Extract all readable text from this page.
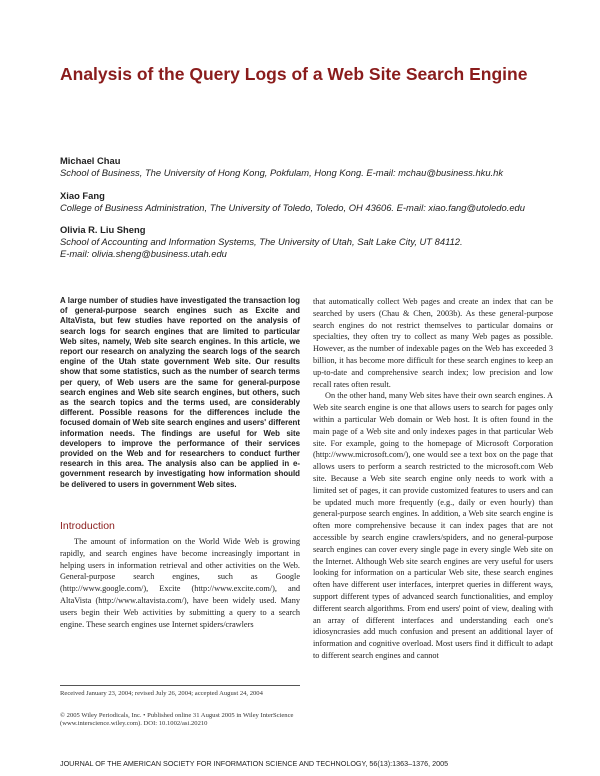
Analysis of the Query Logs of a Web Site Search Engine
Michael Chau
School of Business, The University of Hong Kong, Pokfulam, Hong Kong. E-mail: mchau@business.hku.hk
Xiao Fang
College of Business Administration, The University of Toledo, Toledo, OH 43606. E-mail: xiao.fang@utoledo.edu
Olivia R. Liu Sheng
School of Accounting and Information Systems, The University of Utah, Salt Lake City, UT 84112.
E-mail: olivia.sheng@business.utah.edu
A large number of studies have investigated the transaction log of general-purpose search engines such as Excite and AltaVista, but few studies have reported on the analysis of search logs for search engines that are limited to particular Web sites, namely, Web site search engines. In this article, we report our research on analyzing the search logs of the search engine of the Utah state government Web site. Our results show that some statistics, such as the number of search terms per query, of Web users are the same for general-purpose search engines and Web site search engines, but others, such as the search topics and the terms used, are considerably different. Possible reasons for the differences include the focused domain of Web site search engines and users' different information needs. The findings are useful for Web site developers to improve the performance of their services provided on the Web and for researchers to conduct further research in this area. The analysis also can be applied in e-government research by investigating how information should be delivered to users in government Web sites.
Introduction
The amount of information on the World Wide Web is growing rapidly, and search engines have become increasingly important in helping users in information retrieval and other activities on the Web. General-purpose search engines, such as Google (http://www.google.com/), Excite (http://www.excite.com/), and AltaVista (http://www.altavista.com/), have been widely used. Many users begin their Web activities by submitting a query to a search engine. These search engines use Internet spiders/crawlers
Received January 23, 2004; revised July 26, 2004; accepted August 24, 2004
© 2005 Wiley Periodicals, Inc. • Published online 31 August 2005 in Wiley InterScience (www.interscience.wiley.com). DOI: 10.1002/asi.20210

that automatically collect Web pages and create an index that can be searched by users (Chau & Chen, 2003b). As these general-purpose search engines do not restrict themselves to particular domains or specialties, they often try to collect as many Web pages as possible. However, as the number of indexable pages on the Web has exceeded 3 billion, it has become more difficult for these search engines to keep an up-to-date and comprehensive search index; low precision and low recall rates often result.

On the other hand, many Web sites have their own search engines. A Web site search engine is one that allows users to search for pages only within a particular Web domain or Web host. It is often found in the main page of a Web site and only indexes pages in that particular Web site. For example, going to the homepage of Microsoft Corporation (http://www.microsoft.com/), one would see a text box on the page that allows users to perform a search restricted to the microsoft.com Web site. Because a Web site search engine only needs to work with a limited set of pages, it can provide customized features to users and can be updated much more frequently (e.g., daily or even hourly) than general-purpose search engines. In addition, a Web site search engine is often more comprehensive because it can index pages that are not accessible by search engine crawlers/spiders, and no general-purpose search engines can cover every single page in every single Web site on the Internet. Although Web site search engines are very useful for users looking for information on a particular Web site, these search engines often have different user interfaces, interpret queries in different ways, support different types of advanced search functionalities, and employ different search algorithms. From end users' point of view, dealing with an array of different interfaces and understanding each one's idiosyncrasies add much confusion and present an additional layer of information and cognitive overload. Most users find it difficult to adapt to different search engines and cannot

JOURNAL OF THE AMERICAN SOCIETY FOR INFORMATION SCIENCE AND TECHNOLOGY, 56(13):1363–1376, 2005
